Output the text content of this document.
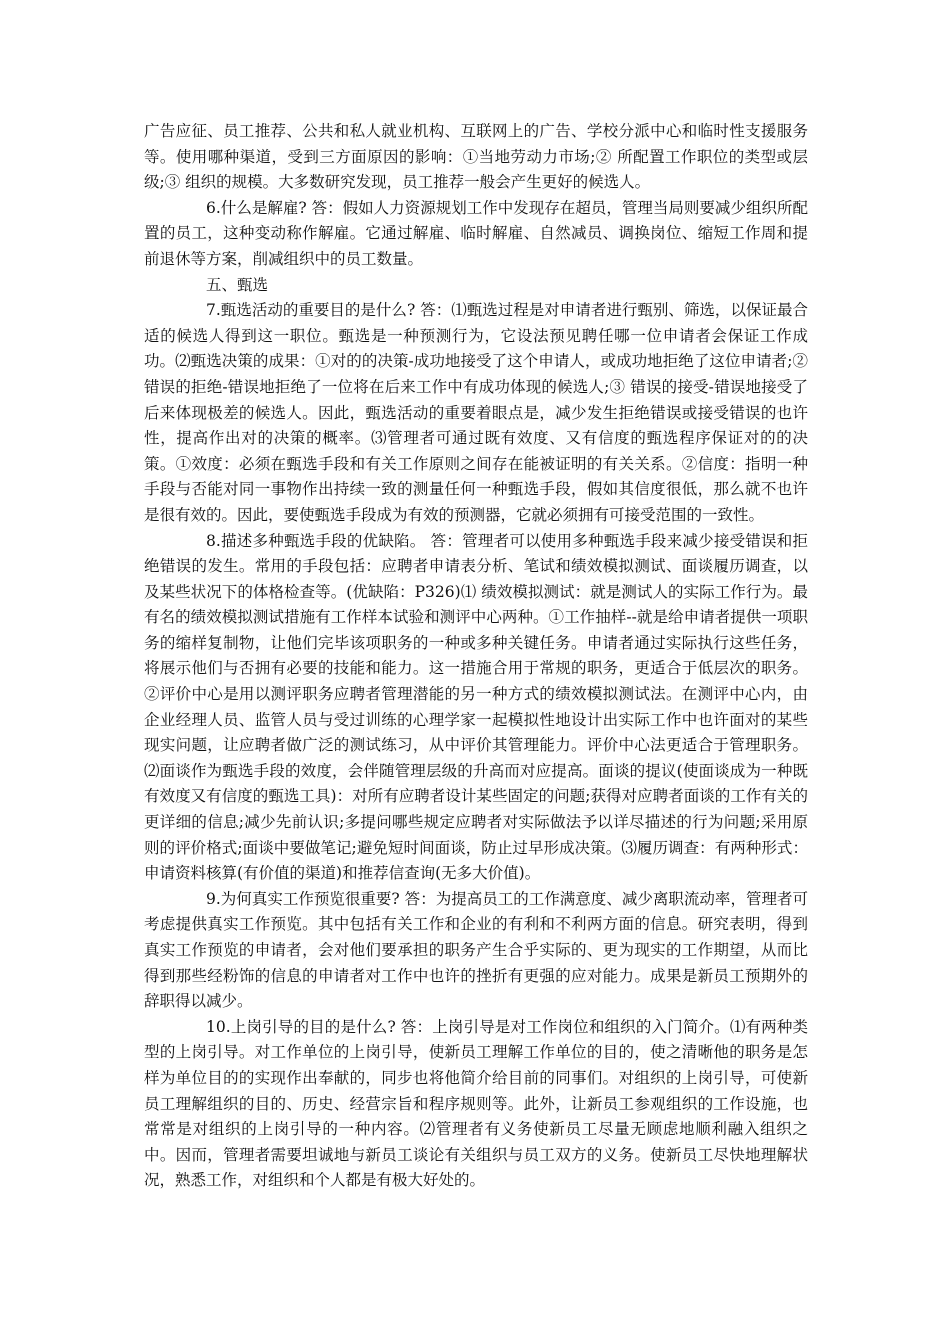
广告应征、员工推荐、公共和私人就业机构、互联网上的广告、学校分派中心和临时性支援服务等。使用哪种渠道，受到三方面原因的影响：①当地劳动力市场;② 所配置工作职位的类型或层级;③ 组织的规模。大多数研究发现，员工推荐一般会产生更好的候选人。

6.什么是解雇? 答：假如人力资源规划工作中发现存在超员，管理当局则要减少组织所配置的员工，这种变动称作解雇。它通过解雇、临时解雇、自然减员、调换岗位、缩短工作周和提前退休等方案，削减组织中的员工数量。

五、甄选

7.甄选活动的重要目的是什么? 答：⑴甄选过程是对申请者进行甄别、筛选，以保证最合适的候选人得到这一职位。甄选是一种预测行为，它设法预见聘任哪一位申请者会保证工作成功。⑵甄选决策的成果：①对的的决策-成功地接受了这个申请人，或成功地拒绝了这位申请者;② 错误的拒绝-错误地拒绝了一位将在后来工作中有成功体现的候选人;③ 错误的接受-错误地接受了后来体现极差的候选人。因此，甄选活动的重要着眼点是，减少发生拒绝错误或接受错误的也许性，提高作出对的决策的概率。⑶管理者可通过既有效度、又有信度的甄选程序保证对的的决策。①效度：必须在甄选手段和有关工作原则之间存在能被证明的有关关系。②信度：指明一种手段与否能对同一事物作出持续一致的测量任何一种甄选手段，假如其信度很低，那么就不也许是很有效的。因此，要使甄选手段成为有效的预测器，它就必须拥有可接受范围的一致性。

8.描述多种甄选手段的优缺陷。 答：管理者可以使用多种甄选手段来减少接受错误和拒绝错误的发生。常用的手段包括：应聘者申请表分析、笔试和绩效模拟测试、面谈履历调查，以及某些状况下的体格检查等。(优缺陷：P326)⑴ 绩效模拟测试：就是测试人的实际工作行为。最有名的绩效模拟测试措施有工作样本试验和测评中心两种。①工作抽样--就是给申请者提供一项职务的缩样复制物，让他们完毕该项职务的一种或多种关键任务。申请者通过实际执行这些任务，将展示他们与否拥有必要的技能和能力。这一措施合用于常规的职务，更适合于低层次的职务。②评价中心是用以测评职务应聘者管理潜能的另一种方式的绩效模拟测试法。在测评中心内，由企业经理人员、监管人员与受过训练的心理学家一起模拟性地设计出实际工作中也许面对的某些现实问题，让应聘者做广泛的测试练习，从中评价其管理能力。评价中心法更适合于管理职务。⑵面谈作为甄选手段的效度，会伴随管理层级的升高而对应提高。面谈的提议(使面谈成为一种既有效度又有信度的甄选工具)：对所有应聘者设计某些固定的问题;获得对应聘者面谈的工作有关的更详细的信息;减少先前认识;多提问哪些规定应聘者对实际做法予以详尽描述的行为问题;采用原则的评价格式;面谈中要做笔记;避免短时间面谈，防止过早形成决策。⑶履历调查：有两种形式：申请资料核算(有价值的渠道)和推荐信查询(无多大价值)。

9.为何真实工作预览很重要? 答：为提高员工的工作满意度、减少离职流动率，管理者可考虑提供真实工作预览。其中包括有关工作和企业的有利和不利两方面的信息。研究表明，得到真实工作预览的申请者，会对他们要承担的职务产生合乎实际的、更为现实的工作期望，从而比得到那些经粉饰的信息的申请者对工作中也许的挫折有更强的应对能力。成果是新员工预期外的辞职得以减少。

10.上岗引导的目的是什么? 答：上岗引导是对工作岗位和组织的入门简介。⑴有两种类型的上岗引导。对工作单位的上岗引导，使新员工理解工作单位的目的，使之清晰他的职务是怎样为单位目的的实现作出奉献的，同步也将他简介给目前的同事们。对组织的上岗引导，可使新员工理解组织的目的、历史、经营宗旨和程序规则等。此外，让新员工参观组织的工作设施，也常常是对组织的上岗引导的一种内容。⑵管理者有义务使新员工尽量无顾虑地顺利融入组织之中。因而，管理者需要坦诚地与新员工谈论有关组织与员工双方的义务。使新员工尽快地理解状况，熟悉工作，对组织和个人都是有极大好处的。
